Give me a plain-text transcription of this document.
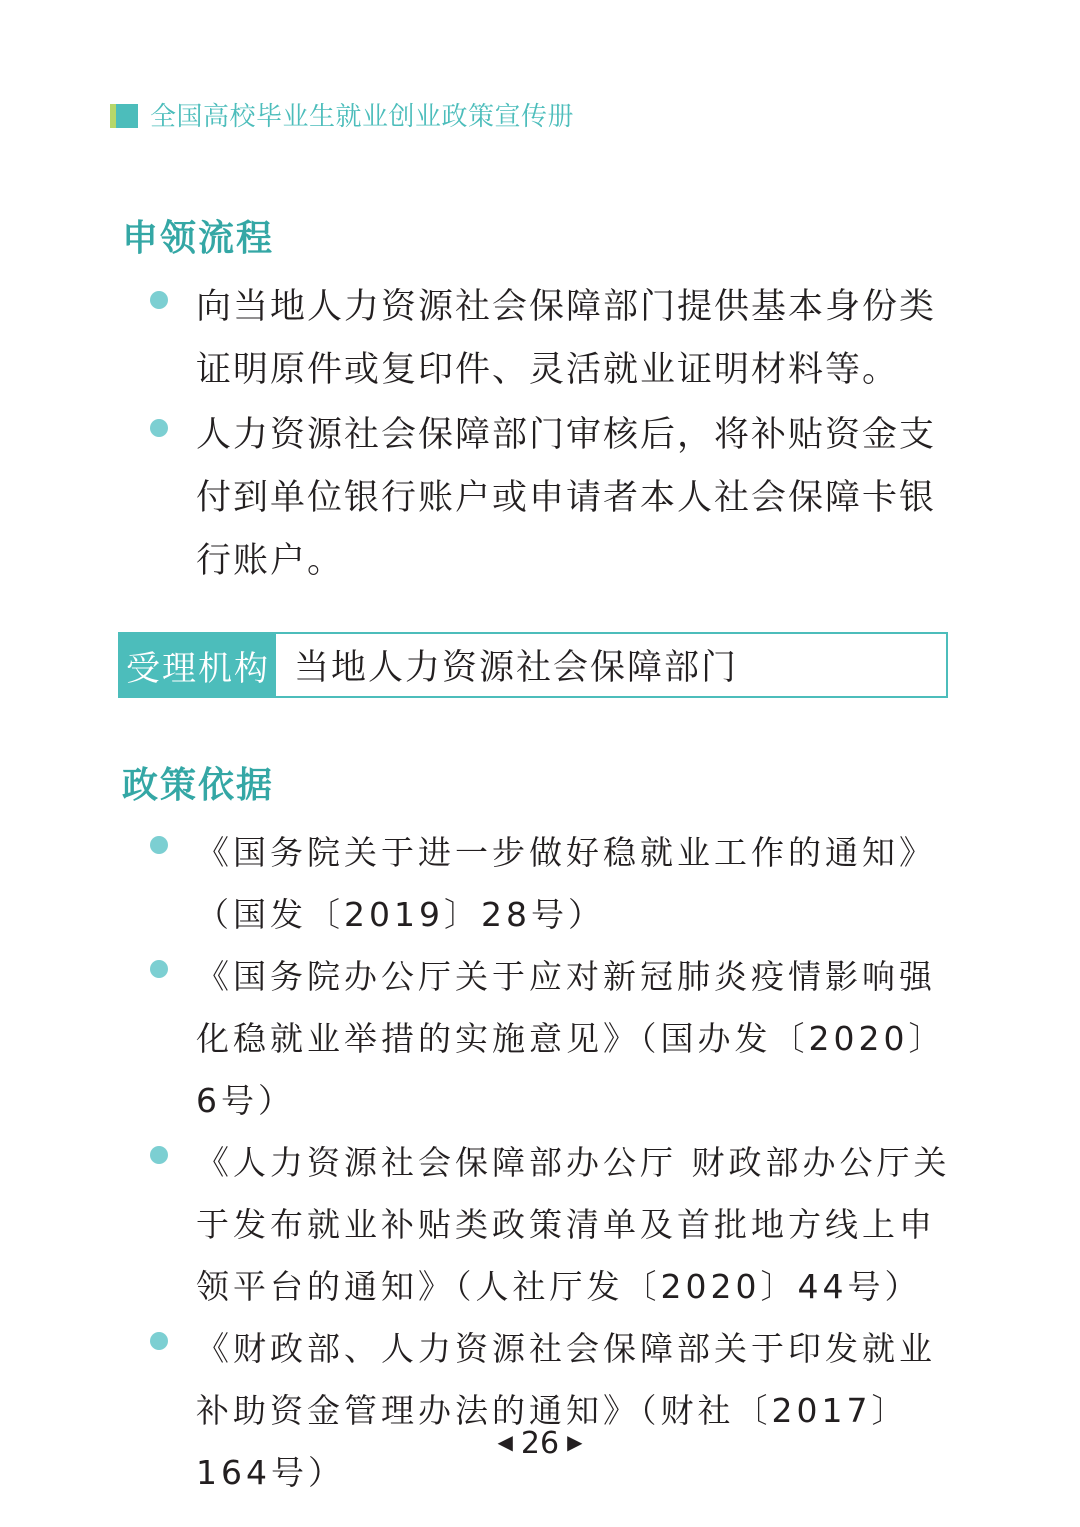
全国高校毕业生就业创业政策宣传册
申领流程
向当地人力资源社会保障部门提供基本身份类证明原件或复印件、灵活就业证明材料等。
人力资源社会保障部门审核后，将补贴资金支付到单位银行账户或申请者本人社会保障卡银行账户。
受理机构 当地人力资源社会保障部门
政策依据
《国务院关于进一步做好稳就业工作的通知》（国发〔2019〕28号）
《国务院办公厅关于应对新冠肺炎疫情影响强化稳就业举措的实施意见》（国办发〔2020〕6号）
《人力资源社会保障部办公厅 财政部办公厅关于发布就业补贴类政策清单及首批地方线上申领平台的通知》（人社厅发〔2020〕44号）
《财政部、人力资源社会保障部关于印发就业补助资金管理办法的通知》（财社〔2017〕164号）
◀ 26 ▶
